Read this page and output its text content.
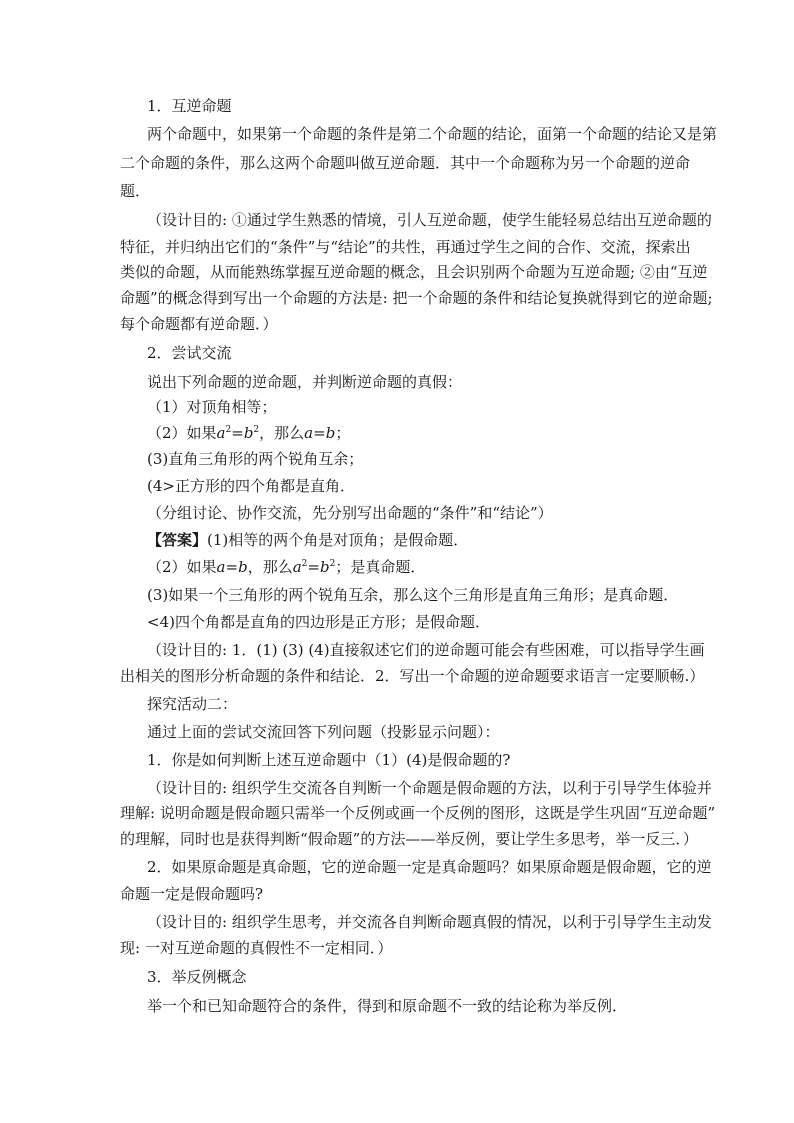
1．互逆命题
两个命题中，如果第一个命题的条件是第二个命题的结论，面第一个命题的结论又是第
二个命题的条件，那么这两个命题叫做互逆命题．其中一个命题称为另一个命题的逆命
题．
（设计目的: ①通过学生熟悉的情境，引人互逆命题，使学生能轻易总结出互逆命题的
特征，并归纳出它们的“条件”与“结论”的共性，再通过学生之间的合作、交流，探索出
类似的命题，从而能熟练掌握互逆命题的概念，且会识别两个命题为互逆命题; ②由“互逆
命题”的概念得到写出一个命题的方法是: 把一个命题的条件和结论复换就得到它的逆命题;
每个命题都有逆命题．）
2．尝试交流
说出下列命题的逆命题，并判断逆命题的真假：
（1）对顶角相等；
（2）如果$a^2=b^2$，那么a=b；
(3)直角三角形的两个锐角互余；
(4>正方形的四个角都是直角．
（分组讨论、协作交流，先分别写出命题的“条件”和“结论”）
【答案】(1)相等的两个角是对顶角；是假命题．
（2）如果a=b，那么$a^2=b^2$；是真命题．
(3)如果一个三角形的两个锐角互余，那么这个三角形是直角三角形；是真命题．
<4)四个角都是直角的四边形是正方形；是假命题．
（设计目的: 1．(1) (3) (4)直接叙述它们的逆命题可能会有些困难，可以指导学生画
出相关的图形分析命题的条件和结论．2．写出一个命题的逆命题要求语言一定要顺畅.）
探究活动二：
通过上面的尝试交流回答下列问题（投影显示问题）：
1．你是如何判断上述互逆命题中（1）(4)是假命题的?
（设计目的: 组织学生交流各自判断一个命题是假命题的方法，以利于引导学生体验并
理解: 说明命题是假命题只需举一个反例或画一个反例的图形，这既是学生巩固“互逆命题”
的理解，同时也是获得判断“假命题”的方法——举反例，要让学生多思考，举一反三．）
2．如果原命题是真命题，它的逆命题一定是真命题吗？如果原命题是假命题，它的逆
命题一定是假命题吗?
（设计目的: 组织学生思考，并交流各自判断命题真假的情况，以利于引导学生主动发
现: 一对互逆命题的真假性不一定相同．）
3．举反例概念
举一个和已知命题符合的条件，得到和原命题不一致的结论称为举反例．
